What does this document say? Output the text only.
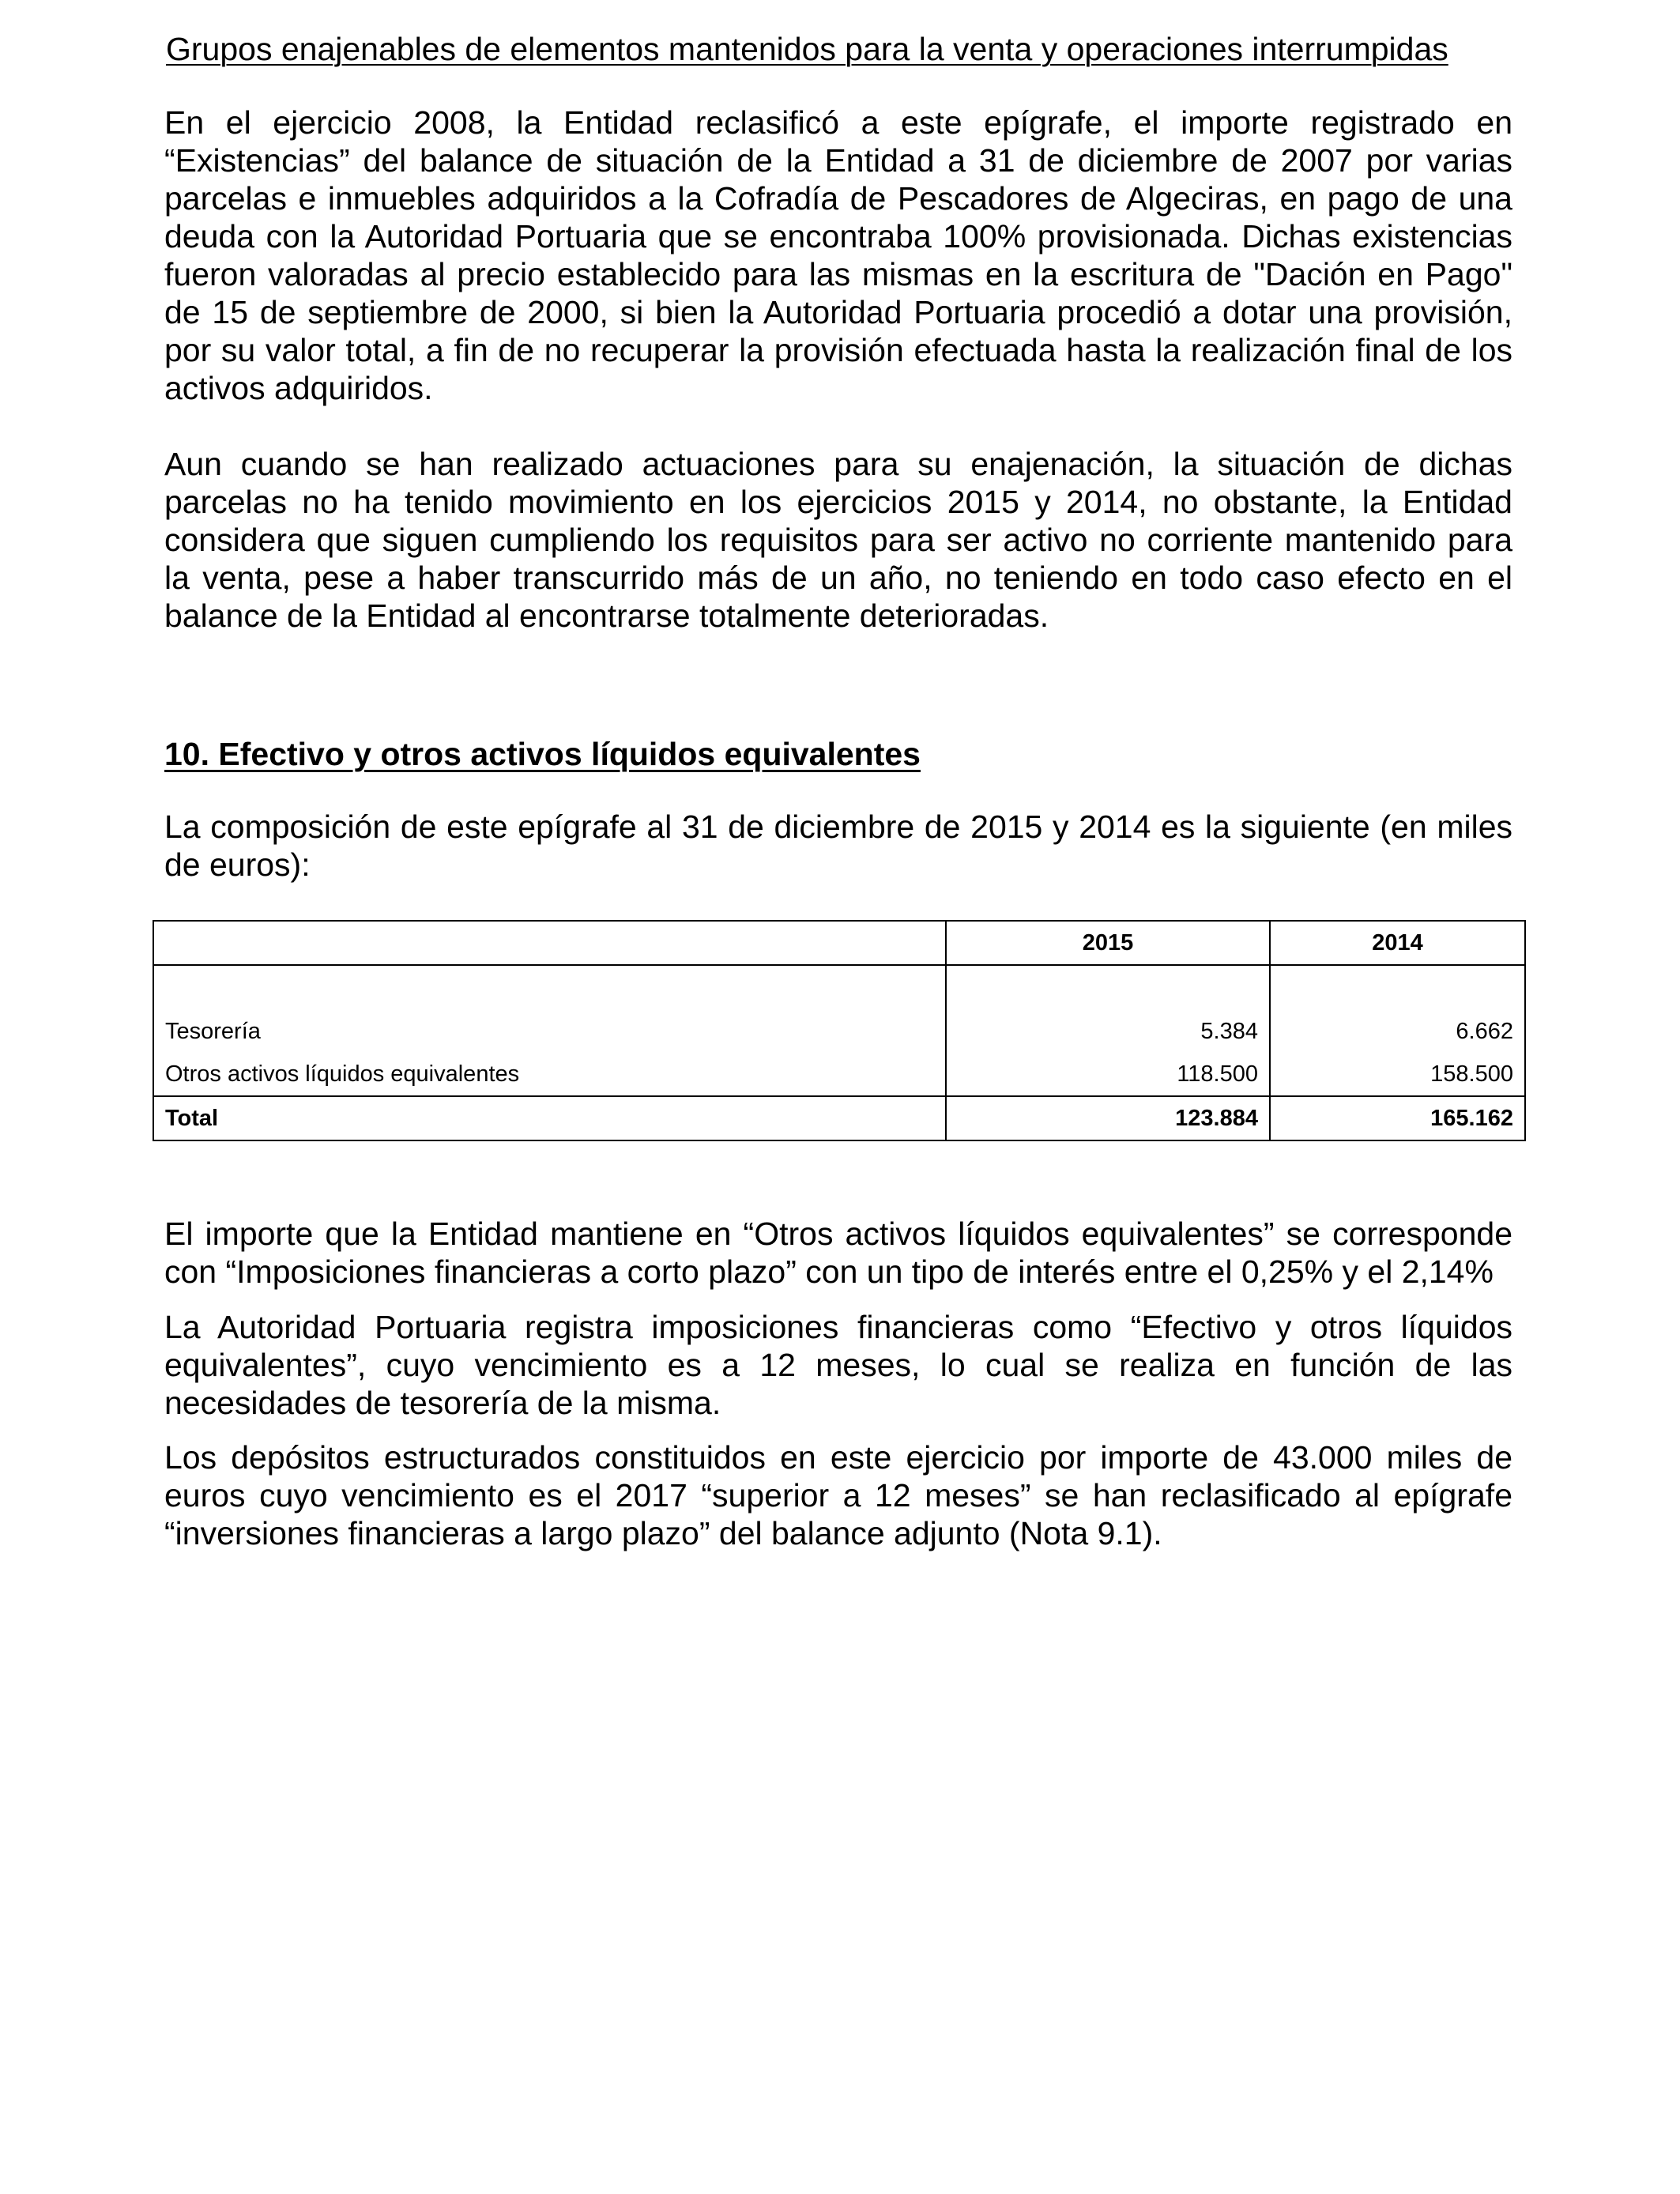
Grupos enajenables de elementos mantenidos para la venta y operaciones interrumpidas

En el ejercicio 2008, la Entidad reclasificó a este epígrafe, el importe registrado en “Existencias” del balance de situación de la Entidad a 31 de diciembre de 2007 por varias parcelas e inmuebles adquiridos a la Cofradía de Pescadores de Algeciras, en pago de una deuda con la Autoridad Portuaria que se encontraba 100% provisionada. Dichas existencias fueron valoradas al precio establecido para las mismas en la escritura de "Dación en Pago" de 15 de septiembre de 2000, si bien la Autoridad Portuaria procedió a dotar una provisión, por su valor total, a fin de no recuperar la provisión efectuada hasta la realización final de los activos adquiridos.

Aun cuando se han realizado actuaciones para su enajenación, la situación de dichas parcelas no ha tenido movimiento en los ejercicios 2015 y 2014, no obstante, la Entidad considera que siguen cumpliendo los requisitos para ser activo no corriente mantenido para la venta, pese a haber transcurrido más de un año, no teniendo en todo caso efecto en el balance de la Entidad al encontrarse totalmente deterioradas.

10. Efectivo y otros activos líquidos equivalentes

La composición de este epígrafe al 31 de diciembre de 2015 y 2014 es la siguiente (en miles de euros):

	2015	2014

Tesorería	5.384	6.662
Otros activos líquidos equivalentes	118.500	158.500
Total	123.884	165.162

El importe que la Entidad mantiene en “Otros activos líquidos equivalentes” se corresponde con “Imposiciones financieras a corto plazo” con un tipo de interés entre el 0,25% y el 2,14%

La Autoridad Portuaria registra imposiciones financieras como “Efectivo y otros líquidos equivalentes”, cuyo vencimiento es a 12 meses, lo cual se realiza en función de las necesidades de tesorería de la misma.

Los depósitos estructurados constituidos en este ejercicio por importe de 43.000 miles de euros cuyo vencimiento es el 2017 “superior a 12 meses” se han reclasificado al epígrafe “inversiones financieras a largo plazo” del balance adjunto (Nota 9.1).
